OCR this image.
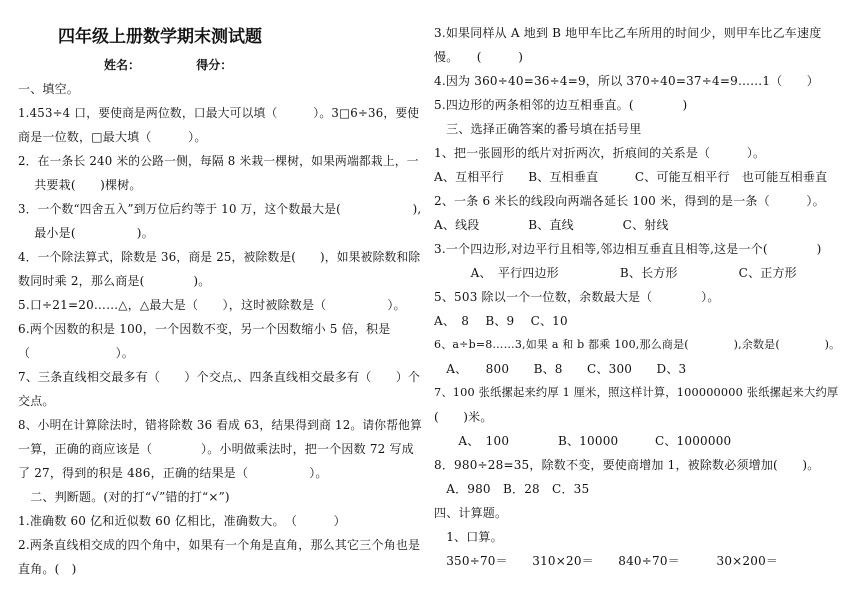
四年级上册数学期末测试题
姓名：	得分：
一、填空。
1.453÷4 口，要使商是两位数，口最大可以填（　　　）。3□6÷36，要使
商是一位数，□最大填（　　　）。
2．在一条长 240 米的公路一侧，每隔 8 米栽一棵树，如果两端都栽上，一
　 共要栽(　　)棵树。
3．一个数“四舍五入”到万位后约等于 10 万，这个数最大是(　　　　　　),
　 最小是(　　　　　)。
4．一个除法算式，除数是 36，商是 25，被除数是(　　)，如果被除数和除
数同时乘 2，那么商是(　　　　)。
5.口÷21=20……△，△最大是（　　），这时被除数是（　　　　　）。
6.两个因数的积是 100，一个因数不变，另一个因数缩小 5 倍，积是
（　　　　　　　）。
7、三条直线相交最多有（　　）个交点,、四条直线相交最多有（　　）个
交点。
8、小明在计算除法时，错将除数 36 看成 63，结果得到商 12。请你帮他算
一算，正确的商应该是（　　　　）。小明做乘法时，把一个因数 72 写成
了 27，得到的积是 486，正确的结果是（　　　　　）。
　二、判断题。(对的打“√”错的打“×”)
1.准确数 60 亿和近似数 60 亿相比，准确数大。　（　　　）
2.两条直线相交成的四个角中，如果有一个角是直角，那么其它三个角也是
直角。(　)
3.如果同样从 A 地到 B 地甲车比乙车所用的时间少，则甲车比乙车速度
慢。　　(　　　)
4.因为 360÷40=36÷4=9，所以 370÷40=37÷4=9……1（　　）
5.四边形的两条相邻的边互相垂直。(　　　　)
　三、选择正确答案的番号填在括号里
1、把一张圆形的纸片对折两次，折痕间的关系是（　　　）。
A、互相平行　　B、互相垂直　　　C、可能互相平行　也可能互相垂直
2、一条 6 米长的线段向两端各延长 100 米，得到的是一条（　　　）。
A、线段　　　　B、直线　　　　C、射线
3.一个四边形,对边平行且相等,邻边相互垂直且相等,这是一个(　　　　)
　　　A、　平行四边形　　　　　B、长方形　　　　　C、正方形
5、503 除以一个一位数，余数最大是（　　　　）。
A、　8　 B、9　 C、10
6、a÷b=8……3,如果 a 和 b 都乘 100,那么商是(　　　　),余数是(　　　　)。
　A、　　800　　B、8　　C、300　　D、3
7、100 张纸摞起来约厚 1 厘米，照这样计算，100000000 张纸摞起来大约厚
(　　)米。
　　A、　100　　　　B、10000　　　C、1000000
8．980÷28=35，除数不变，要使商增加 1，被除数必须增加(　　)。
　A．980　B．28　C．35
四、计算题。
　1、口算。
　350÷70＝　　310×20＝　　840÷70＝　　　30×200＝
